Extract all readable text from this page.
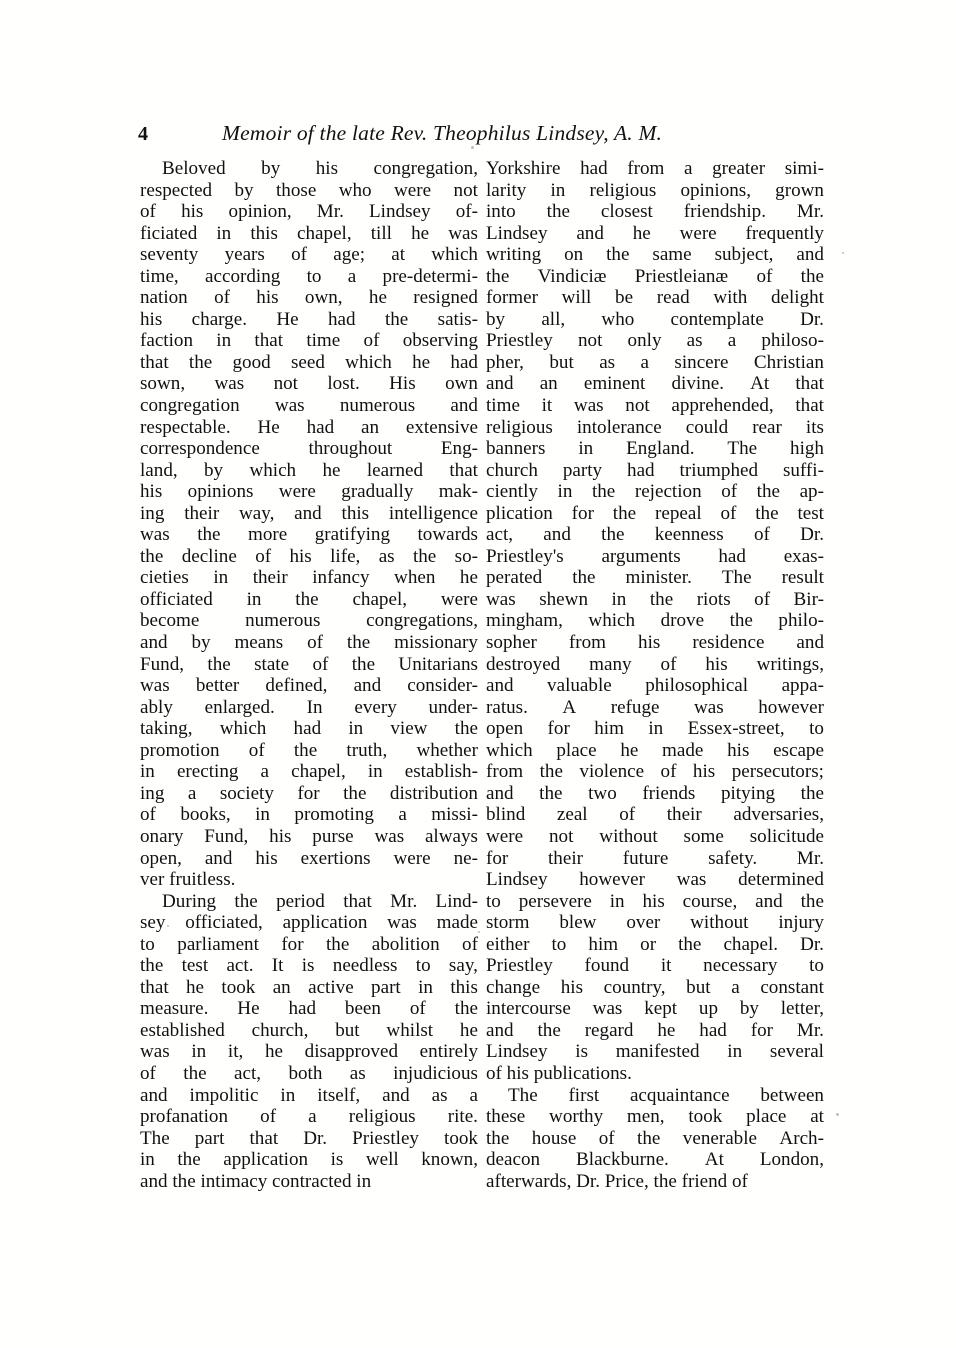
4	Memoir of the late Rev. Theophilus Lindsey, A. M.
Beloved by his congregation,
respected by those who were not
of his opinion, Mr. Lindsey of-
ficiated in this chapel, till he was
seventy years of age; at which
time, according to a pre-determi-
nation of his own, he resigned
his charge. He had the satis-
faction in that time of observing
that the good seed which he had
sown, was not lost. His own
congregation was numerous and
respectable. He had an extensive
correspondence	throughout	Eng-
land, by which he learned that
his opinions were gradually mak-
ing their way, and this intelligence
was the more gratifying towards
the decline of his life, as the so-
cieties in their infancy when he
officiated in the chapel, were
become numerous congregations,
and by means of the missionary
Fund, the state of the Unitarians
was better defined, and consider-
ably enlarged. In every under-
taking, which had in view the
promotion of the truth, whether
in erecting a chapel, in establish-
ing a society for the distribution
of books, in promoting a missi-
onary Fund, his purse was always
open, and his exertions were ne-
ver fruitless.
During the period that Mr. Lind-
sey officiated, application was made
to parliament for the abolition of
the test act. It is needless to say,
that he took an active part in this
measure. He had been of the
established church, but whilst he
was in it, he disapproved entirely
of the act, both as injudicious
and impolitic in itself, and as a
profanation of a religious rite.
The part that Dr. Priestley took
in the application is well known,
and the intimacy contracted in
Yorkshire had from a greater simi-
larity in religious opinions, grown
into the closest friendship. Mr.
Lindsey and he were frequently
writing on the same subject, and
the Vindiciæ Priestleianæ of the
former will be read with delight
by all, who contemplate Dr.
Priestley not only as a philoso-
pher, but as a sincere Christian
and an eminent divine. At that
time it was not apprehended, that
religious intolerance could rear its
banners in England. The high
church party had triumphed suffi-
ciently in the rejection of the ap-
plication for the repeal of the test
act, and the keenness of Dr.
Priestley's arguments had exas-
perated the minister. The result
was shewn in the riots of Bir-
mingham, which drove the philo-
sopher from his residence and
destroyed many of his writings,
and valuable philosophical appa-
ratus. A refuge was however
open for him in Essex-street, to
which place he made his escape
from the violence of his persecutors;
and the two friends pitying the
blind zeal of their adversaries,
were not without some solicitude
for their future safety. Mr.
Lindsey however was determined
to persevere in his course, and the
storm blew over without injury
either to him or the chapel. Dr.
Priestley found it necessary to
change his country, but a constant
intercourse was kept up by letter,
and the regard he had for Mr.
Lindsey is manifested in several
of his publications.
The first acquaintance between
these worthy men, took place at
the house of the venerable Arch-
deacon Blackburne. At London,
afterwards, Dr. Price, the friend of
